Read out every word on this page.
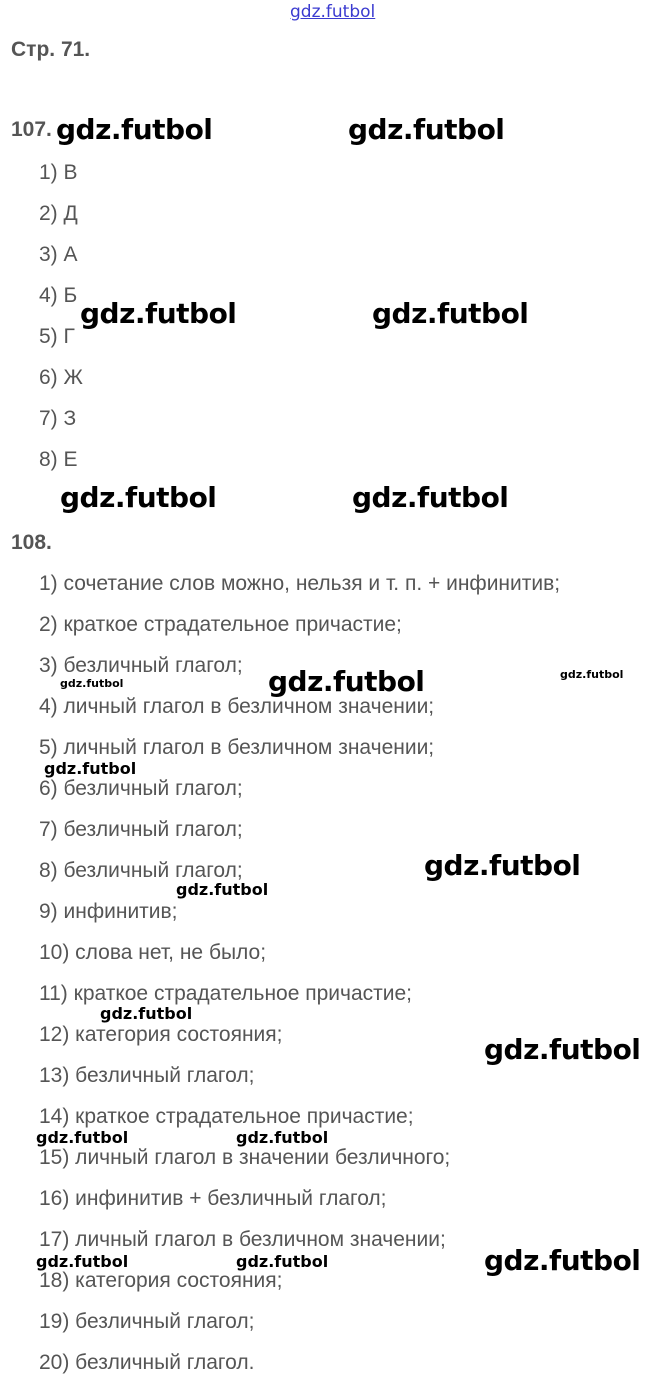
gdz.futbol
Стр. 71.
107.
1) В
2) Д
3) А
4) Б
5) Г
6) Ж
7) З
8) Е
108.
1) сочетание слов можно, нельзя и т. п. + инфинитив;
2) краткое страдательное причастие;
3) безличный глагол;
4) личный глагол в безличном значении;
5) личный глагол в безличном значении;
6) безличный глагол;
7) безличный глагол;
8) безличный глагол;
9) инфинитив;
10) слова нет, не было;
11) краткое страдательное причастие;
12) категория состояния;
13) безличный глагол;
14) краткое страдательное причастие;
15) личный глагол в значении безличного;
16) инфинитив + безличный глагол;
17) личный глагол в безличном значении;
18) категория состояния;
19) безличный глагол;
20) безличный глагол.
gdz.futbol	gdz.futbol
gdz.futbol	gdz.futbol
gdz.futbol	gdz.futbol
gdz.futbol	gdz.futbol	gdz.futbol
gdz.futbol
gdz.futbol
gdz.futbol
gdz.futbol
gdz.futbol
gdz.futbol	gdz.futbol
gdz.futbol	gdz.futbol	gdz.futbol
